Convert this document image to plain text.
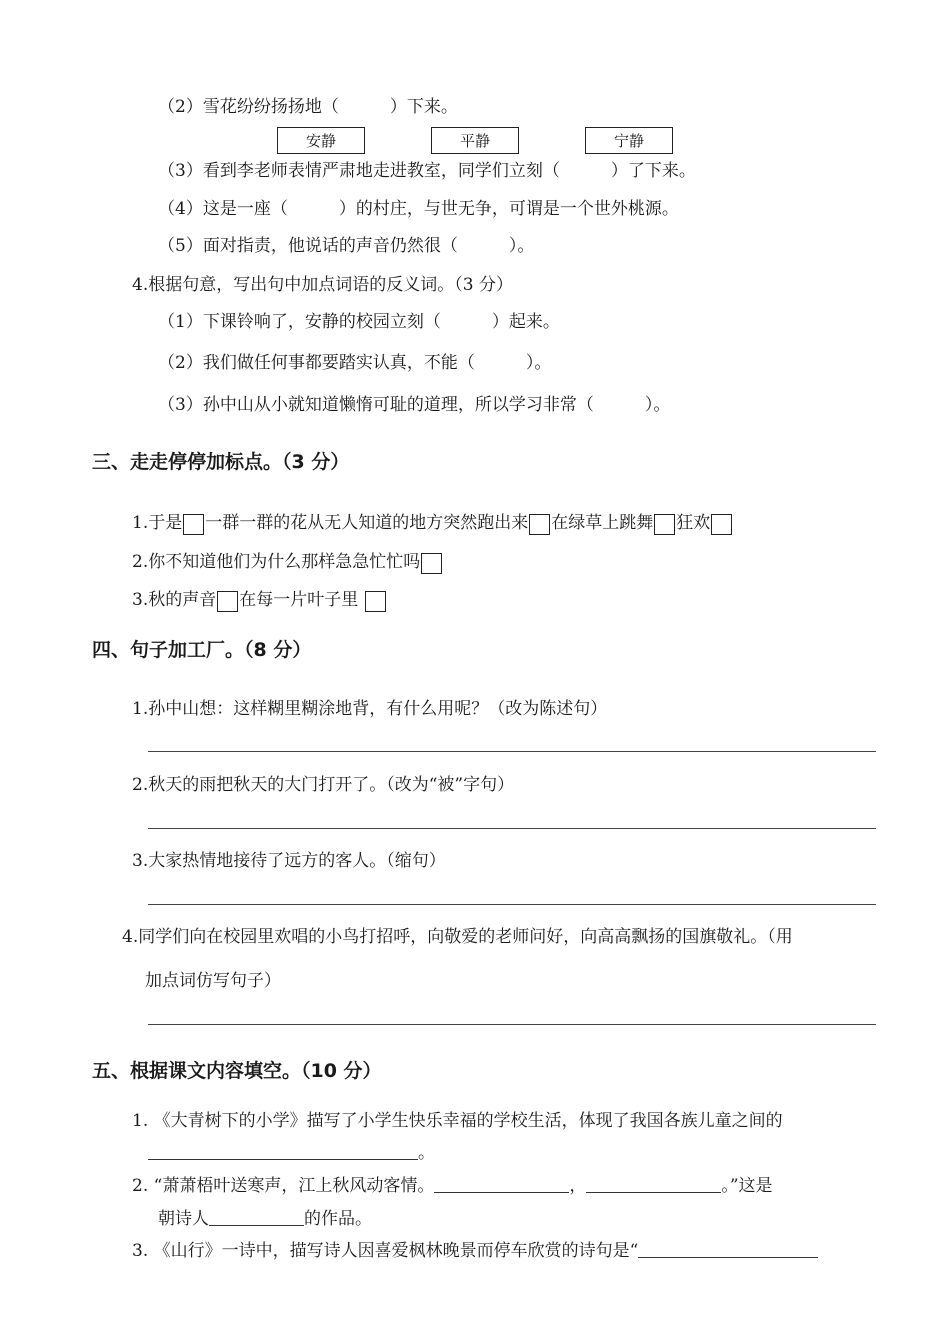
（2）雪花纷纷扬扬地（　　　）下来。
安静	平静	宁静
（3）看到李老师表情严肃地走进教室，同学们立刻（　　　）了下来。
（4）这是一座（　　　）的村庄，与世无争，可谓是一个世外桃源。
（5）面对指责，他说话的声音仍然很（　　　）。
4.根据句意，写出句中加点词语的反义词。（3 分）
（1）下课铃响了，安静的校园立刻（　　　）起来。
（2）我们做任何事都要踏实认真，不能（　　　）。
（3）孙中山从小就知道懒惰可耻的道理，所以学习非常（　　　）。
三、走走停停加标点。（3 分）
1.于是 一群一群的花从无人知道的地方突然跑出来 在绿草上跳舞 狂欢
2.你不知道他们为什么那样急急忙忙吗
3.秋的声音 在每一片叶子里
四、句子加工厂。（8 分）
1.孙中山想：这样糊里糊涂地背，有什么用呢？（改为陈述句）
2.秋天的雨把秋天的大门打开了。（改为“被”字句）
3.大家热情地接待了远方的客人。（缩句）
4.同学们向在校园里欢唱的小鸟打招呼，向敬爱的老师问好，向高高飘扬的国旗敬礼。（用
加点词仿写句子）
五、根据课文内容填空。（10 分）
1. 《大青树下的小学》描写了小学生快乐幸福的学校生活，体现了我国各族儿童之间的
。
2. “萧萧梧叶送寒声，江上秋风动客情。	，	。”这是
朝诗人	的作品。
3. 《山行》一诗中，描写诗人因喜爱枫林晚景而停车欣赏的诗句是“
